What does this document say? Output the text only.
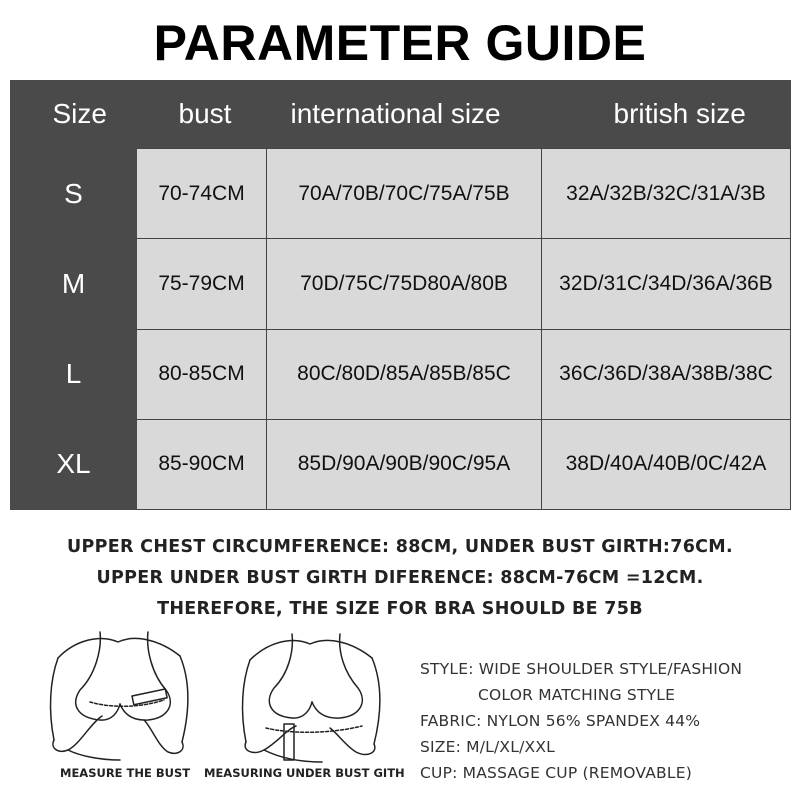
PARAMETER GUIDE
Size	bust	international size	british size
S	70-74CM	70A/70B/70C/75A/75B	32A/32B/32C/31A/3B
M	75-79CM	70D/75C/75D80A/80B	32D/31C/34D/36A/36B
L	80-85CM	80C/80D/85A/85B/85C	36C/36D/38A/38B/38C
XL	85-90CM	85D/90A/90B/90C/95A	38D/40A/40B/0C/42A
UPPER CHEST CIRCUMFERENCE: 88CM, UNDER BUST GIRTH:76CM.
UPPER UNDER BUST GIRTH DIFERENCE: 88CM-76CM =12CM.
THEREFORE, THE SIZE FOR BRA SHOULD BE 75B
MEASURE THE BUST MEASURING UNDER BUST GITH
STYLE: WIDE SHOULDER STYLE/FASHION
COLOR MATCHING STYLE
FABRIC: NYLON 56% SPANDEX 44%
SIZE: M/L/XL/XXL
CUP: MASSAGE CUP (REMOVABLE)
